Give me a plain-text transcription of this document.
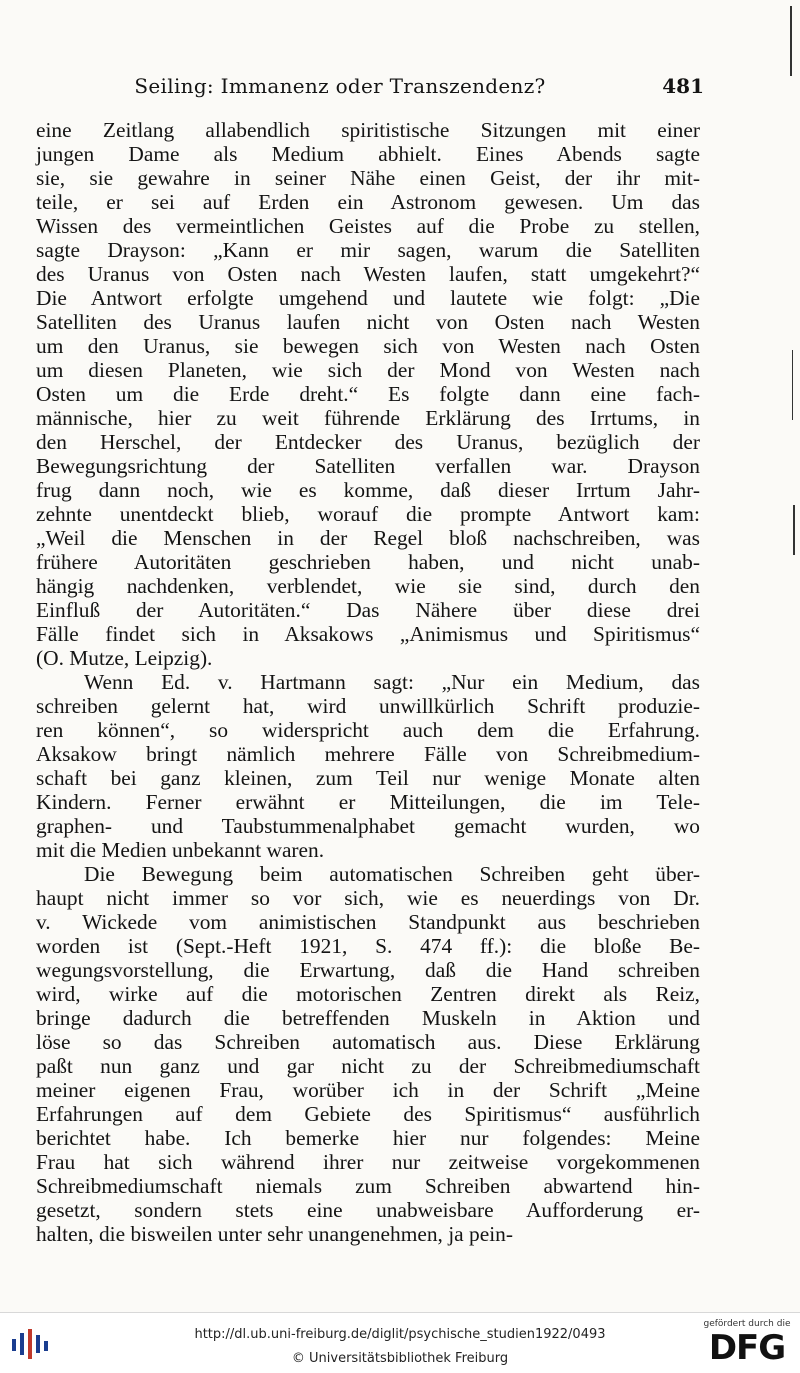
Seiling: Immanenz oder Transzendenz?	481
eine Zeitlang allabendlich spiritistische Sitzungen mit einer
jungen Dame als Medium abhielt. Eines Abends sagte
sie, sie gewahre in seiner Nähe einen Geist, der ihr mit-
teile, er sei auf Erden ein Astronom gewesen. Um das
Wissen des vermeintlichen Geistes auf die Probe zu stellen,
sagte Drayson: „Kann er mir sagen, warum die Satelliten
des Uranus von Osten nach Westen laufen, statt umgekehrt?“
Die Antwort erfolgte umgehend und lautete wie folgt: „Die
Satelliten des Uranus laufen nicht von Osten nach Westen
um den Uranus, sie bewegen sich von Westen nach Osten
um diesen Planeten, wie sich der Mond von Westen nach
Osten um die Erde dreht.“ Es folgte dann eine fach-
männische, hier zu weit führende Erklärung des Irrtums, in
den Herschel, der Entdecker des Uranus, bezüglich der
Bewegungsrichtung der Satelliten verfallen war. Drayson
frug dann noch, wie es komme, daß dieser Irrtum Jahr-
zehnte unentdeckt blieb, worauf die prompte Antwort kam:
„Weil die Menschen in der Regel bloß nachschreiben, was
frühere Autoritäten geschrieben haben, und nicht unab-
hängig nachdenken, verblendet, wie sie sind, durch den
Einfluß der Autoritäten.“ Das Nähere über diese drei
Fälle findet sich in Aksakows „Animismus und Spiritismus“
(O. Mutze, Leipzig).
Wenn Ed. v. Hartmann sagt: „Nur ein Medium, das
schreiben gelernt hat, wird unwillkürlich Schrift produzie-
ren können“, so widerspricht auch dem die Erfahrung.
Aksakow bringt nämlich mehrere Fälle von Schreibmedium-
schaft bei ganz kleinen, zum Teil nur wenige Monate alten
Kindern. Ferner erwähnt er Mitteilungen, die im Tele-
graphen- und Taubstummenalphabet gemacht wurden, wo
mit die Medien unbekannt waren.
Die Bewegung beim automatischen Schreiben geht über-
haupt nicht immer so vor sich, wie es neuerdings von Dr.
v. Wickede vom animistischen Standpunkt aus beschrieben
worden ist (Sept.-Heft 1921, S. 474 ff.): die bloße Be-
wegungsvorstellung, die Erwartung, daß die Hand schreiben
wird, wirke auf die motorischen Zentren direkt als Reiz,
bringe dadurch die betreffenden Muskeln in Aktion und
löse so das Schreiben automatisch aus. Diese Erklärung
paßt nun ganz und gar nicht zu der Schreibmediumschaft
meiner eigenen Frau, worüber ich in der Schrift „Meine
Erfahrungen auf dem Gebiete des Spiritismus“ ausführlich
berichtet habe. Ich bemerke hier nur folgendes: Meine
Frau hat sich während ihrer nur zeitweise vorgekommenen
Schreibmediumschaft niemals zum Schreiben abwartend hin-
gesetzt, sondern stets eine unabweisbare Aufforderung er-
halten, die bisweilen unter sehr unangenehmen, ja pein-
http://dl.ub.uni-freiburg.de/diglit/psychische_studien1922/0493
© Universitätsbibliothek Freiburg
gefördert durch die
DFG
